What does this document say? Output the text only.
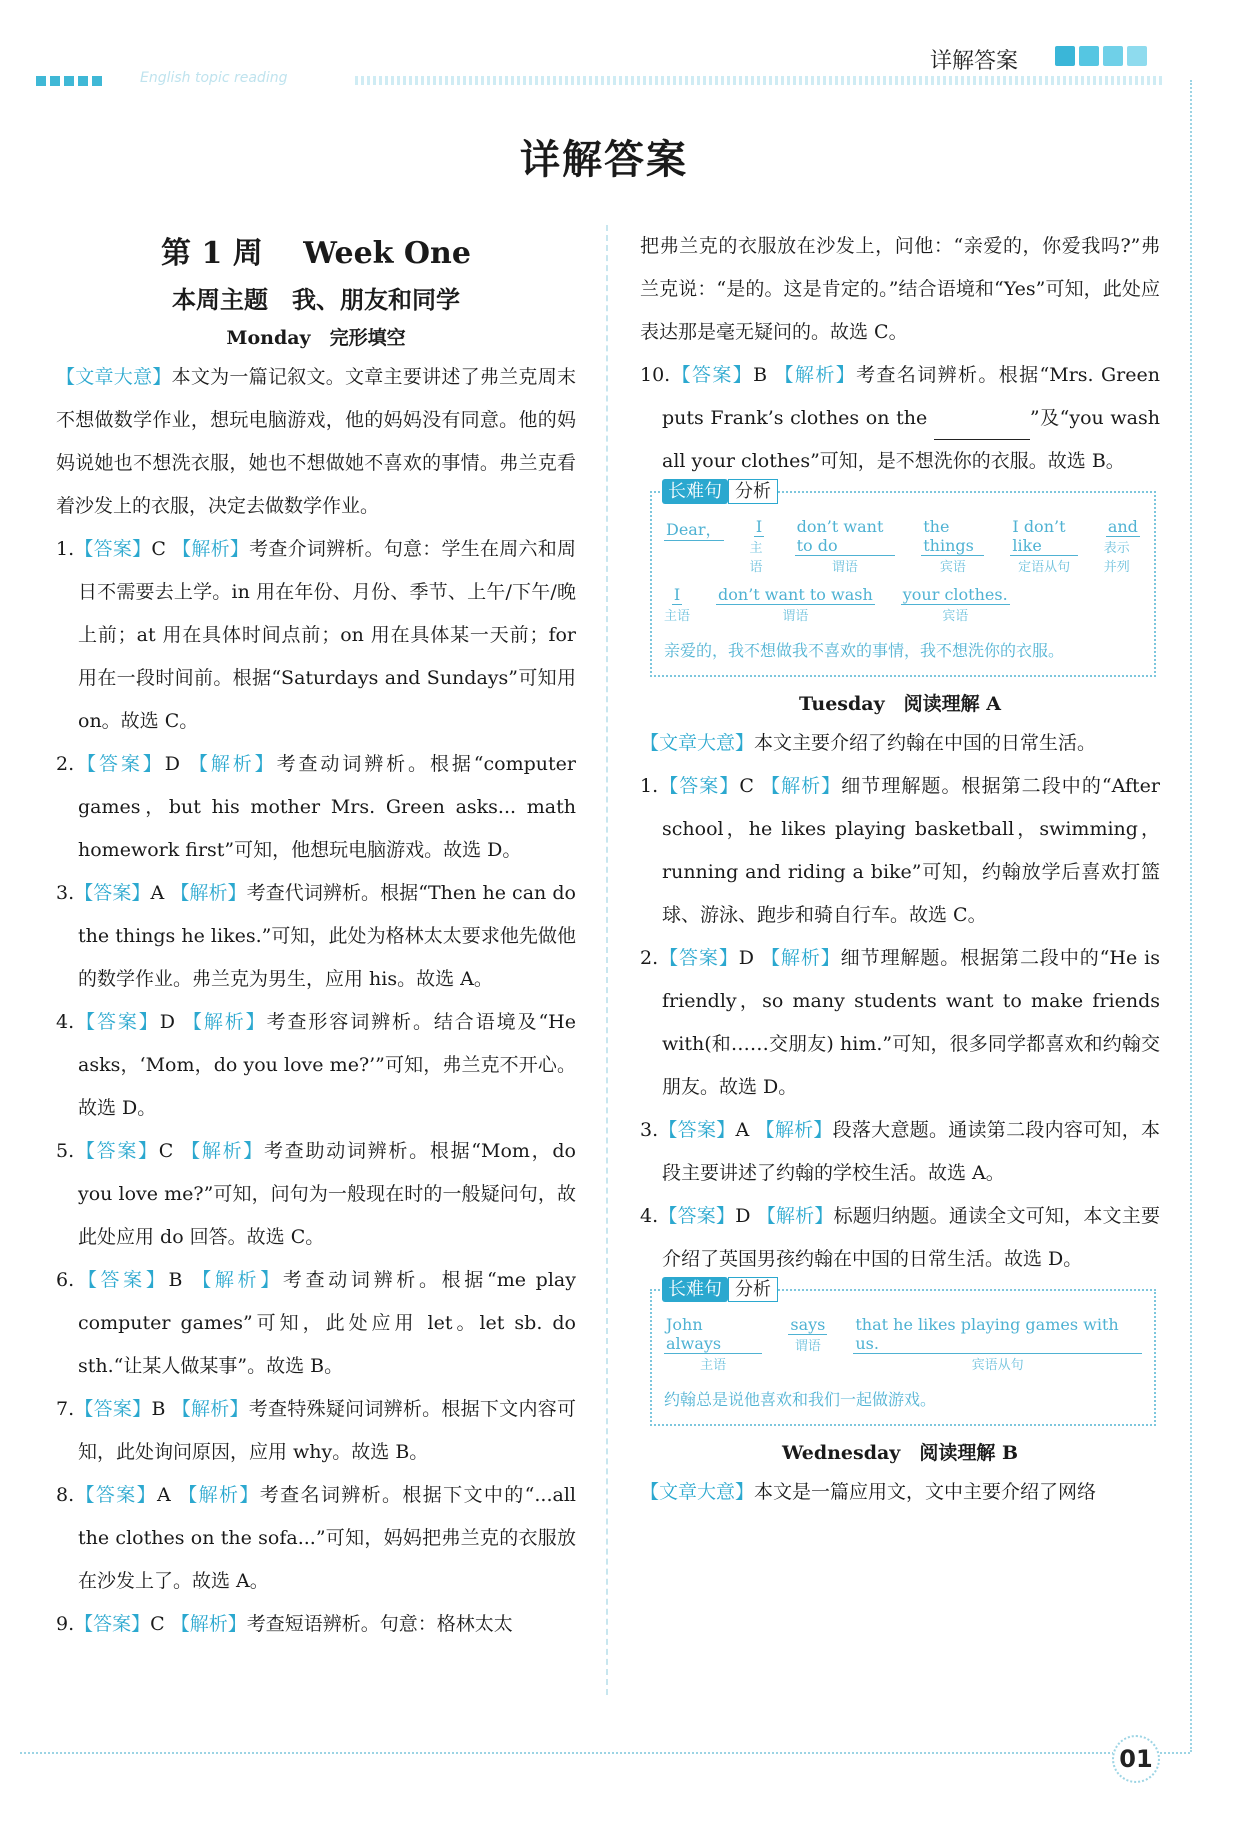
English topic reading
详解答案
01
详解答案
第 1 周　 Week One
本周主题　我、朋友和同学
Monday　完形填空

【文章大意】本文为一篇记叙文。文章主要讲述了弗兰克周末不想做数学作业，想玩电脑游戏，他的妈妈没有同意。他的妈妈说她也不想洗衣服，她也不想做她不喜欢的事情。弗兰克看着沙发上的衣服，决定去做数学作业。

1.【答案】C 【解析】考查介词辨析。句意：学生在周六和周日不需要去上学。in 用在年份、月份、季节、上午/下午/晚上前；at 用在具体时间点前；on 用在具体某一天前；for 用在一段时间前。根据“Saturdays and Sundays”可知用 on。故选 C。

2.【答案】D 【解析】考查动词辨析。根据“computer games，but his mother Mrs. Green asks... math homework first”可知，他想玩电脑游戏。故选 D。

3.【答案】A 【解析】考查代词辨析。根据“Then he can do the things he likes.”可知，此处为格林太太要求他先做他的数学作业。弗兰克为男生，应用 his。故选 A。

4.【答案】D 【解析】考查形容词辨析。结合语境及“He asks，‘Mom，do you love me?’”可知，弗兰克不开心。故选 D。

5.【答案】C 【解析】考查助动词辨析。根据“Mom，do you love me?”可知，问句为一般现在时的一般疑问句，故此处应用 do 回答。故选 C。

6.【答案】B 【解析】考查动词辨析。根据“me play computer games”可知，此处应用 let。let sb. do sth.“让某人做某事”。故选 B。

7.【答案】B 【解析】考查特殊疑问词辨析。根据下文内容可知，此处询问原因，应用 why。故选 B。

8.【答案】A 【解析】考查名词辨析。根据下文中的“...all the clothes on the sofa...”可知，妈妈把弗兰克的衣服放在沙发上了。故选 A。

9.【答案】C 【解析】考查短语辨析。句意：格林太太

把弗兰克的衣服放在沙发上，问他：“亲爱的，你爱我吗?”弗兰克说：“是的。这是肯定的。”结合语境和“Yes”可知，此处应表达那是毫无疑问的。故选 C。

10.【答案】B 【解析】考查名词辨析。根据“Mrs. Green puts Frank’s clothes on the	”及“you wash all your clothes”可知，是不想洗你的衣服。故选 B。

长难句 分析
Dear， I
主语
don’t want to do
谓语
the things
宾语
I don’t like
定语从句
and
表示并列
I
主语
don’t want to wash
谓语
your clothes.
宾语
亲爱的，我不想做我不喜欢的事情，我不想洗你的衣服。
Tuesday　阅读理解 A

【文章大意】本文主要介绍了约翰在中国的日常生活。

1.【答案】C 【解析】细节理解题。根据第二段中的“After school，he likes playing basketball，swimming，running and riding a bike”可知，约翰放学后喜欢打篮球、游泳、跑步和骑自行车。故选 C。

2.【答案】D 【解析】细节理解题。根据第二段中的“He is friendly，so many students want to make friends with(和……交朋友) him.”可知，很多同学都喜欢和约翰交朋友。故选 D。

3.【答案】A 【解析】段落大意题。通读第二段内容可知，本段主要讲述了约翰的学校生活。故选 A。

4.【答案】D 【解析】标题归纳题。通读全文可知，本文主要介绍了英国男孩约翰在中国的日常生活。故选 D。

长难句 分析
John always
主语
says
谓语
that he likes playing games with us.
宾语从句
约翰总是说他喜欢和我们一起做游戏。
Wednesday　阅读理解 B

【文章大意】本文是一篇应用文，文中主要介绍了网络
